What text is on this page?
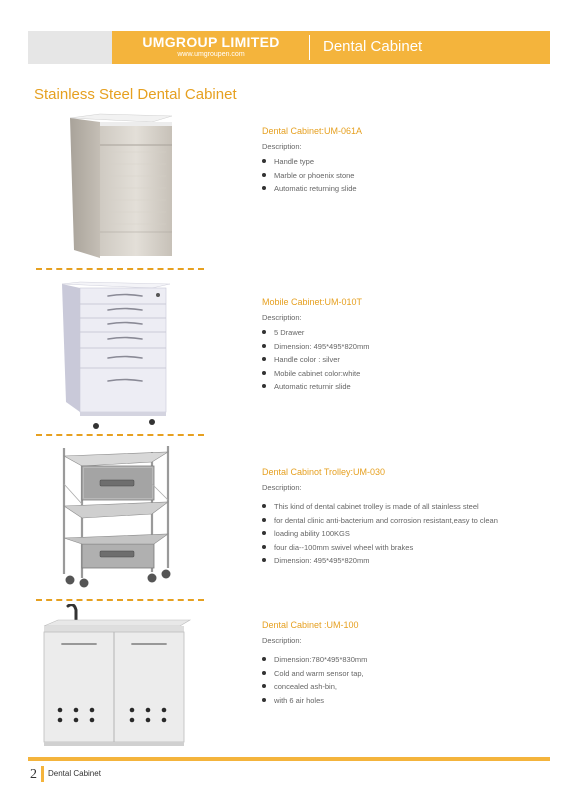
UMGROUP LIMITED
www.umgroupen.com	Dental Cabinet
Stainless Steel Dental Cabinet
Dental Cabinet:UM-061A
Description:
Handle type
Marble or phoenix stone
Automatic returning slide
Mobile Cabinet:UM-010T
Description:
5 Drawer
Dimension: 495*495*820mm
Handle color : silver
Mobile cabinet color:white
Automatic returnir slide
Dental Cabinot Trolley:UM-030
Description:
This kind of dental cabinet trolley is made of all stainless steel
for dental clinic anti-bacterium and corrosion resistant,easy to clean
loading ability 100KGS
four dia--100mm swivel wheel with brakes
Dimension: 495*495*820mm
Dental Cabinet :UM-100
Description:
Dimension:780*495*830mm
Cold and warm sensor tap,
concealed ash-bin,
with 6 air holes
2 Dental Cabinet
